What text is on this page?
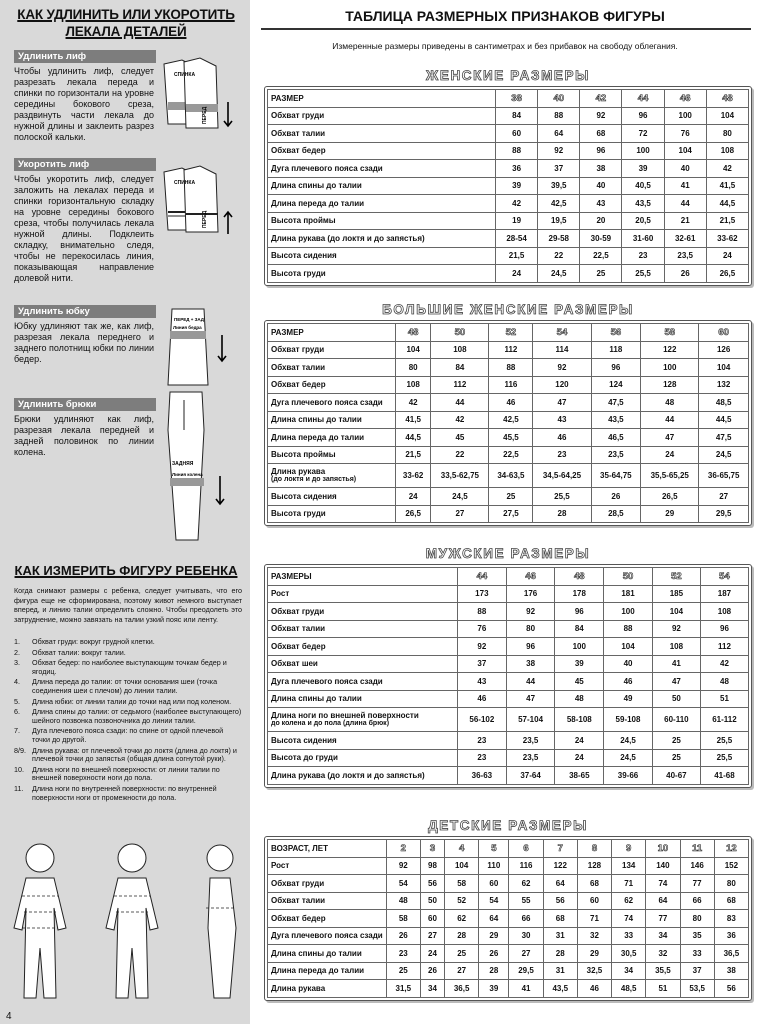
КАК УДЛИНИТЬ ИЛИ УКОРОТИТЬ
ЛЕКАЛА ДЕТАЛЕЙ
Удлинить лиф
Чтобы удлинить лиф, следует разрезать лекала переда и спинки по горизонтали на уровне середины бокового среза, раздвинуть части лекала до нужной длины и заклеить разрез полоской кальки.
СПИНКА
ПЕРЕД
Укоротить лиф
Чтобы укоротить лиф, следует заложить на лекалах переда и спинки горизонтальную складку на уровне середины бокового среза, чтобы получилась лекала нужной длины. Подклеить складку, внимательно следя, чтобы не перекосилась линия, показывающая направление долевой нити.
СПИНКА
ПЕРЕД
Удлинить юбку
Юбку удлиняют так же, как лиф, разрезая лекала переднего и заднего полотнищ юбки по линии бедер.
ПЕРЕД + ЗАД
Линия бедра
Удлинить брюки
Брюки удлиняют как лиф, разрезая лекала передней и задней половинок по линии колена.
ЗАДНЯЯ
Линия колена
КАК ИЗМЕРИТЬ ФИГУРУ РЕБЕНКА
Когда снимают размеры с ребенка, следует учитывать, что его фигура еще не сформирована, поэтому живот немного выступает вперед, и линию талии определить сложно. Чтобы преодолеть это затруднение, можно завязать на талии узкий пояс или ленту.
1.	Обхват груди: вокруг грудной клетки.
2.	Обхват талии: вокруг талии.
3.	Обхват бедер: по наиболее выступающим точкам бедер и ягодиц.
4.	Длина переда до талии: от точки основания шеи (точка соединения шеи с плечом) до линии талии.
5.	Длина юбки: от линии талии до точки над или под коленом.
6.	Длина спины до талии: от седьмого (наиболее выступающего) шейного позвонка позвоночника до линии талии.
7.	Дуга плечевого пояса сзади: по спине от одной плечевой точки до другой.
8/9. Длина рукава: от плечевой точки до локтя (длина до локтя) и плечевой точки до запястья (общая длина согнутой руки).
10.	Длина ноги по внешней поверхности: от линии талии по внешней поверхности ноги до пола.
11.	Длина ноги по внутренней поверхности: по внутренней поверхности ноги от промежности до пола.
4
ТАБЛИЦА РАЗМЕРНЫХ ПРИЗНАКОВ ФИГУРЫ
Измеренные размеры приведены в сантиметрах и без прибавок на свободу облегания.
ЖЕНСКИЕ РАЗМЕРЫ
РАЗМЕР	38	40	42	44	46	48
Обхват груди	84	88	92	96	100	104
Обхват талии	60	64	68	72	76	80
Обхват бедер	88	92	96	100	104	108
Дуга плечевого пояса сзади	36	37	38	39	40	42
Длина спины до талии	39	39,5	40	40,5	41	41,5
Длина переда до талии	42	42,5	43	43,5	44	44,5
Высота проймы	19	19,5	20	20,5	21	21,5
Длина рукава (до локтя и до запястья)	28-54	29-58	30-59	31-60	32-61	33-62
Высота сидения	21,5	22	22,5	23	23,5	24
Высота груди	24	24,5	25	25,5	26	26,5
БОЛЬШИЕ ЖЕНСКИЕ РАЗМЕРЫ
РАЗМЕР	48	50	52	54	56	58	60
Обхват груди	104	108	112	114	118	122	126
Обхват талии	80	84	88	92	96	100	104
Обхват бедер	108	112	116	120	124	128	132
Дуга плечевого пояса сзади	42	44	46	47	47,5	48	48,5
Длина спины до талии	41,5	42	42,5	43	43,5	44	44,5
Длина переда до талии	44,5	45	45,5	46	46,5	47	47,5
Высота проймы	21,5	22	22,5	23	23,5	24	24,5

Длина рукава
(до локтя и до запястья)	33-62	33,5-62,75	34-63,5	34,5-64,25	35-64,75	35,5-65,25	36-65,75
Высота сидения	24	24,5	25	25,5	26	26,5	27
Высота груди	26,5	27	27,5	28	28,5	29	29,5
МУЖСКИЕ РАЗМЕРЫ
РАЗМЕРЫ	44	46	48	50	52	54
Рост	173	176	178	181	185	187
Обхват груди	88	92	96	100	104	108
Обхват талии	76	80	84	88	92	96
Обхват бедер	92	96	100	104	108	112
Обхват шеи	37	38	39	40	41	42
Дуга плечевого пояса сзади	43	44	45	46	47	48
Длина спины до талии	46	47	48	49	50	51

Длина ноги по внешней поверхности
до колена и до пола (длина брюк)	56-102	57-104	58-108	59-108	60-110	61-112
Высота сидения	23	23,5	24	24,5	25	25,5
Высота до груди	23	23,5	24	24,5	25	25,5
Длина рукава (до локтя и до запястья)	36-63	37-64	38-65	39-66	40-67	41-68
ДЕТСКИЕ РАЗМЕРЫ
ВОЗРАСТ, ЛЕТ	2	3	4	5	6	7	8	9	10	11	12
Рост	92	98	104	110	116	122	128	134	140	146	152
Обхват груди	54	56	58	60	62	64	68	71	74	77	80
Обхват талии	48	50	52	54	55	56	60	62	64	66	68
Обхват бедер	58	60	62	64	66	68	71	74	77	80	83
Дуга плечевого пояса сзади	26	27	28	29	30	31	32	33	34	35	36
Длина спины до талии	23	24	25	26	27	28	29	30,5	32	33	36,5
Длина переда до талии	25	26	27	28	29,5	31	32,5	34	35,5	37	38
Длина рукава	31,5	34	36,5	39	41	43,5	46	48,5	51	53,5	56
